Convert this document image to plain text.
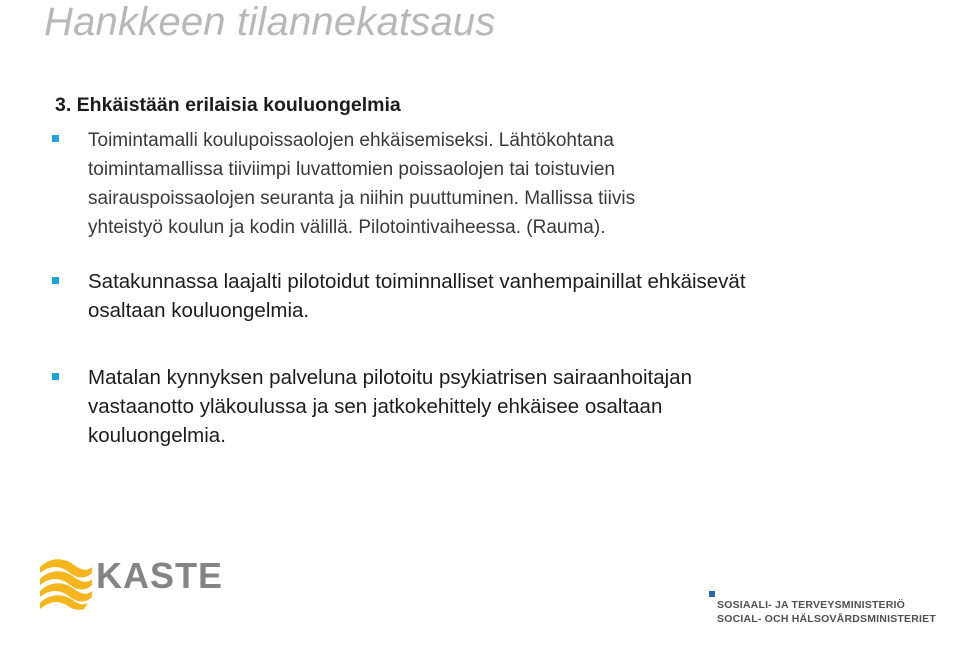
Hankkeen tilannekatsaus
3. Ehkäistään erilaisia kouluongelmia
Toimintamalli koulupoissaolojen ehkäisemiseksi. Lähtökohtana
toimintamallissa tiiviimpi luvattomien poissaolojen tai toistuvien
sairauspoissaolojen seuranta ja niihin puuttuminen. Mallissa tiivis
yhteistyö koulun ja kodin välillä. Pilotointivaiheessa. (Rauma).
Satakunnassa laajalti pilotoidut toiminnalliset vanhempainillat ehkäisevät
osaltaan kouluongelmia.
Matalan kynnyksen palveluna pilotoitu psykiatrisen sairaanhoitajan
vastaanotto yläkoulussa ja sen jatkokehittely ehkäisee osaltaan
kouluongelmia.
KASTE
SOSIAALI- JA TERVEYSMINISTERIÖ
SOCIAL- OCH HÄLSOVÅRDSMINISTERIET
